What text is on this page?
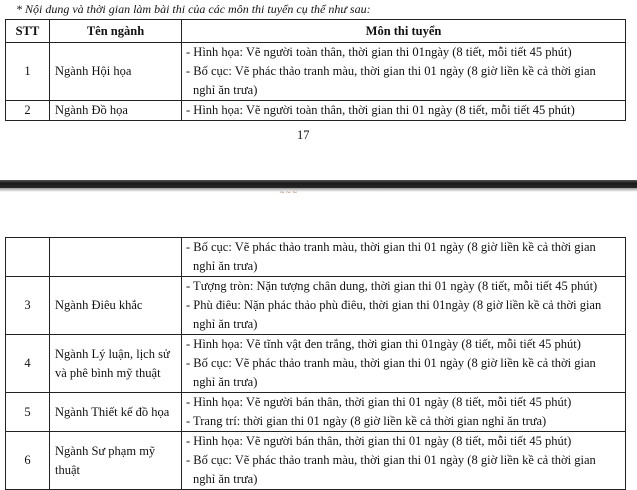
* Nội dung và thời gian làm bài thi của các môn thi tuyển cụ thể như sau:
STT	Tên ngành	Môn thi tuyển
1	Ngành Hội họa	- Hình họa: Vẽ người toàn thân, thời gian thi 01ngày (8 tiết, mỗi tiết 45 phút)
- Bố cục: Vẽ phác thảo tranh màu, thời gian thi 01 ngày (8 giờ liền kề cả thời gian
nghỉ ăn trưa)

2	Ngành Đồ họa	- Hình họa: Vẽ người toàn thân, thời gian thi 01 ngày (8 tiết, mỗi tiết 45 phút)
17
~ ~ ~

		- Bố cục: Vẽ phác thảo tranh màu, thời gian thi 01 ngày (8 giờ liền kề cả thời gian
nghỉ ăn trưa)

3	Ngành Điêu khắc	- Tượng tròn: Nặn tượng chân dung, thời gian thi 01 ngày (8 tiết, mỗi tiết 45 phút)
- Phù điêu: Nặn phác thảo phù điêu, thời gian thi 01ngày (8 giờ liền kề cả thời gian
nghỉ ăn trưa)

4	Ngành Lý luận, lịch sử
và phê bình mỹ thuật	- Hình họa: Vẽ tĩnh vật đen trắng, thời gian thi 01ngày (8 tiết, mỗi tiết 45 phút)
- Bố cục: Vẽ phác thảo tranh màu, thời gian thi 01 ngày (8 giờ liền kề cả thời gian
nghỉ ăn trưa)

5	Ngành Thiết kế đồ họa	- Hình họa: Vẽ người bán thân, thời gian thi 01 ngày (8 tiết, mỗi tiết 45 phút)
- Trang trí: thời gian thi 01 ngày (8 giờ liền kề cả thời gian nghỉ ăn trưa)

6	Ngành Sư phạm mỹ
thuật	- Hình họa: Vẽ người bán thân, thời gian thi 01 ngày (8 tiết, mỗi tiết 45 phút)
- Bố cục: Vẽ phác thảo tranh màu, thời gian thi 01 ngày (8 giờ liền kề cả thời gian
nghỉ ăn trưa)
